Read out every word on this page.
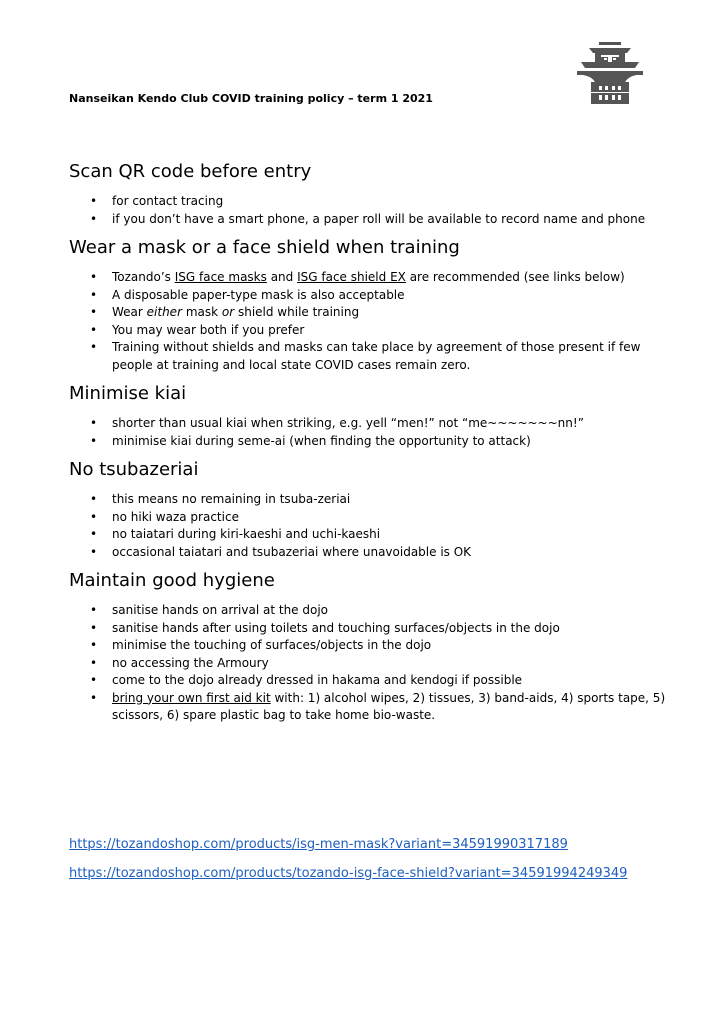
Nanseikan Kendo Club COVID training policy – term 1 2021
Scan QR code before entry
• for contact tracing
• if you don’t have a smart phone, a paper roll will be available to record name and phone
Wear a mask or a face shield when training
• Tozando’s ISG face masks and ISG face shield EX are recommended (see links below)
• A disposable paper-type mask is also acceptable
• Wear either mask or shield while training
• You may wear both if you prefer
• Training without shields and masks can take place by agreement of those present if few people at training and local state COVID cases remain zero.
Minimise kiai
• shorter than usual kiai when striking, e.g. yell “men!” not “me~~~~~~~nn!”
• minimise kiai during seme-ai (when finding the opportunity to attack)
No tsubazeriai
• this means no remaining in tsuba-zeriai
• no hiki waza practice
• no taiatari during kiri-kaeshi and uchi-kaeshi
• occasional taiatari and tsubazeriai where unavoidable is OK
Maintain good hygiene
• sanitise hands on arrival at the dojo
• sanitise hands after using toilets and touching surfaces/objects in the dojo
• minimise the touching of surfaces/objects in the dojo
• no accessing the Armoury
• come to the dojo already dressed in hakama and kendogi if possible
• bring your own first aid kit with: 1) alcohol wipes, 2) tissues, 3) band-aids, 4) sports tape, 5) scissors, 6) spare plastic bag to take home bio-waste.
https://tozandoshop.com/products/isg-men-mask?variant=34591990317189
https://tozandoshop.com/products/tozando-isg-face-shield?variant=34591994249349
